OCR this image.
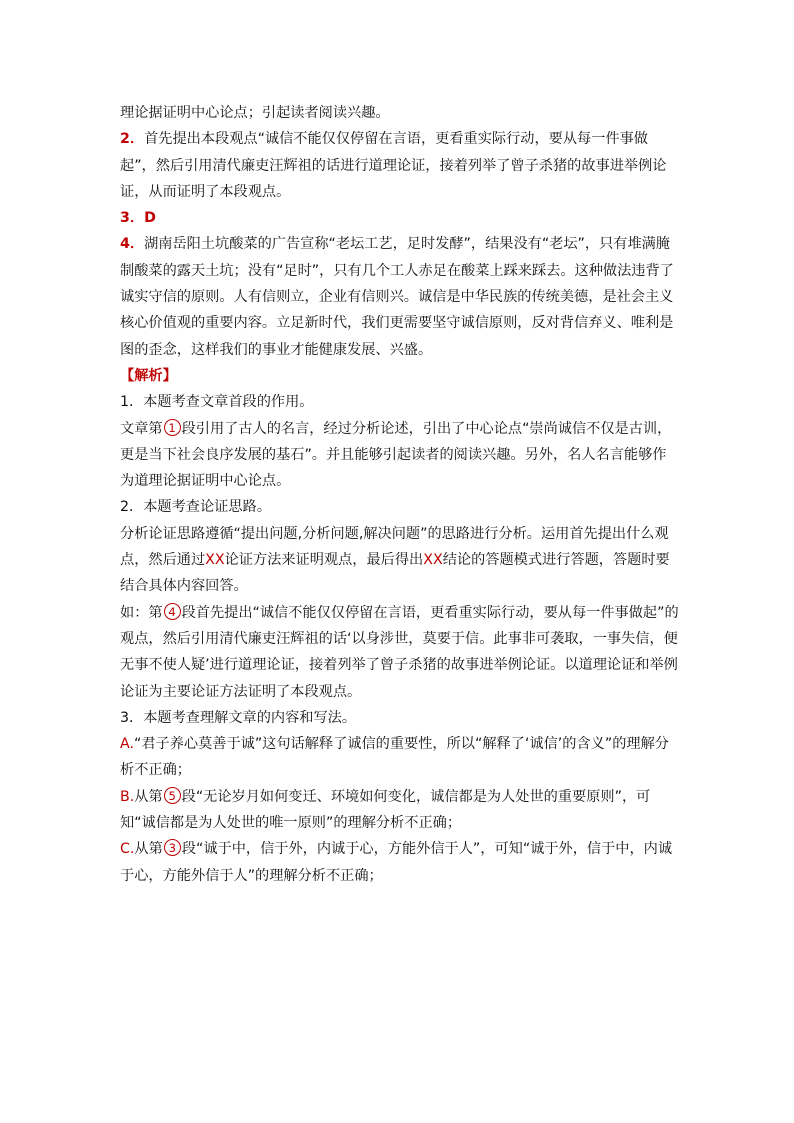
理论据证明中心论点；引起读者阅读兴趣。

2．首先提出本段观点“诚信不能仅仅停留在言语，更看重实际行动，要从每一件事做起”，然后引用清代廉吏汪辉祖的话进行道理论证，接着列举了曾子杀猪的故事进举例论证，从而证明了本段观点。

3．D

4．湖南岳阳土坑酸菜的广告宣称“老坛工艺，足时发酵”，结果没有“老坛”，只有堆满腌制酸菜的露天土坑；没有“足时”，只有几个工人赤足在酸菜上踩来踩去。这种做法违背了诚实守信的原则。人有信则立，企业有信则兴。诚信是中华民族的传统美德，是社会主义核心价值观的重要内容。立足新时代，我们更需要坚守诚信原则，反对背信弃义、唯利是图的歪念，这样我们的事业才能健康发展、兴盛。

【解析】

1．本题考查文章首段的作用。

文章第 1 段引用了古人的名言，经过分析论述，引出了中心论点“崇尚诚信不仅是古训，更是当下社会良序发展的基石”。并且能够引起读者的阅读兴趣。另外，名人名言能够作为道理论据证明中心论点。

2．本题考查论证思路。

分析论证思路遵循“提出问题,分析问题,解决问题”的思路进行分析。运用首先提出什么观点，然后通过XX论证方法来证明观点，最后得出XX结论的答题模式进行答题，答题时要结合具体内容回答。

如：第 4 段首先提出“诚信不能仅仅停留在言语，更看重实际行动，要从每一件事做起”的观点，然后引用清代廉吏汪辉祖的话‘以身涉世，莫要于信。此事非可袭取，一事失信，便无事不使人疑’进行道理论证，接着列举了曾子杀猪的故事进举例论证。以道理论证和举例论证为主要论证方法证明了本段观点。

3．本题考查理解文章的内容和写法。

A.“君子养心莫善于诚”这句话解释了诚信的重要性，所以“解释了‘诚信’的含义”的理解分析不正确；

B.从第 5 段“无论岁月如何变迁、环境如何变化，诚信都是为人处世的重要原则”，可知“诚信都是为人处世的唯一原则”的理解分析不正确；

C.从第 3 段“诚于中，信于外，内诚于心，方能外信于人”，可知“诚于外，信于中，内诚于心，方能外信于人”的理解分析不正确；
